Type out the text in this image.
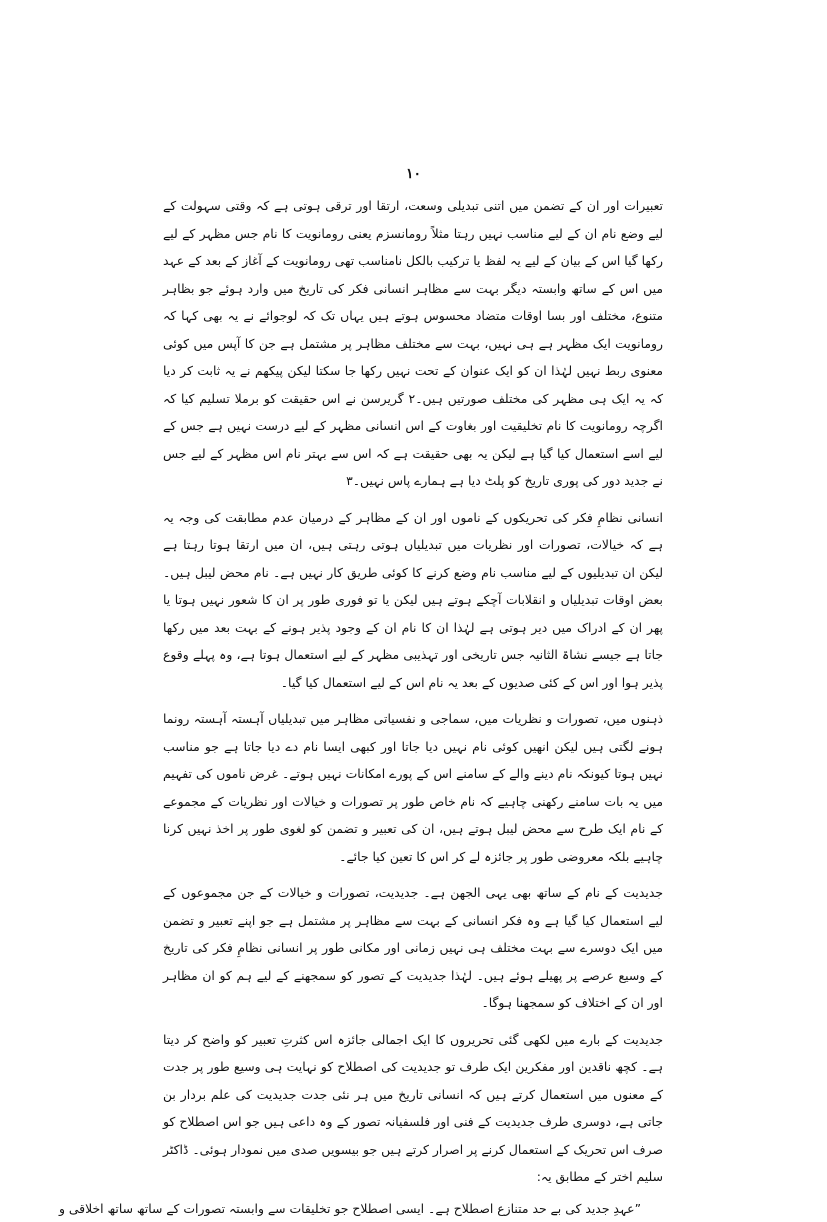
۱۰

تعبیرات اور ان کے تضمن میں اتنی تبدیلی وسعت، ارتقا اور ترقی ہوتی ہے کہ وقتی سہولت کے لیے وضع نام ان کے لیے مناسب نہیں رہتا مثلاً رومانسزم یعنی رومانویت کا نام جس مظہر کے لیے رکھا گیا اس کے بیان کے لیے یہ لفظ یا ترکیب بالکل نامناسب تھی رومانویت کے آغاز کے بعد کے عہد میں اس کے ساتھ وابستہ دیگر بہت سے مظاہر انسانی فکر کی تاریخ میں وارد ہوئے جو بظاہر متنوع، مختلف اور بسا اوقات متضاد محسوس ہوتے ہیں یہاں تک کہ لوجوائے نے یہ بھی کہا کہ رومانویت ایک مظہر ہے ہی نہیں، بہت سے مختلف مظاہر پر مشتمل ہے جن کا آپس میں کوئی معنوی ربط نہیں لہٰذا ان کو ایک عنوان کے تحت نہیں رکھا جا سکتا لیکن پیکھم نے یہ ثابت کر دیا کہ یہ ایک ہی مظہر کی مختلف صورتیں ہیں۔۲ گریرسن نے اس حقیقت کو برملا تسلیم کیا کہ اگرچہ رومانویت کا نام تخلیقیت اور بغاوت کے اس انسانی مظہر کے لیے درست نہیں ہے جس کے لیے اسے استعمال کیا گیا ہے لیکن یہ بھی حقیقت ہے کہ اس سے بہتر نام اس مظہر کے لیے جس نے جدید دور کی پوری تاریخ کو پلٹ دیا ہے ہمارے پاس نہیں۔۳

انسانی نظامِ فکر کی تحریکوں کے ناموں اور ان کے مظاہر کے درمیان عدم مطابقت کی وجہ یہ ہے کہ خیالات، تصورات اور نظریات میں تبدیلیاں ہوتی رہتی ہیں، ان میں ارتقا ہوتا رہتا ہے لیکن ان تبدیلیوں کے لیے مناسب نام وضع کرنے کا کوئی طریق کار نہیں ہے۔ نام محض لیبل ہیں۔ بعض اوقات تبدیلیاں و انقلابات آچکے ہوتے ہیں لیکن یا تو فوری طور پر ان کا شعور نہیں ہوتا یا پھر ان کے ادراک میں دیر ہوتی ہے لہٰذا ان کا نام ان کے وجود پذیر ہونے کے بہت بعد میں رکھا جاتا ہے جیسے نشاۃ الثانیہ جس تاریخی اور تہذیبی مظہر کے لیے استعمال ہوتا ہے، وہ پہلے وقوع پذیر ہوا اور اس کے کئی صدیوں کے بعد یہ نام اس کے لیے استعمال کیا گیا۔

ذہنوں میں، تصورات و نظریات میں، سماجی و نفسیاتی مظاہر میں تبدیلیاں آہستہ آہستہ رونما ہونے لگتی ہیں لیکن انھیں کوئی نام نہیں دیا جاتا اور کبھی ایسا نام دے دیا جاتا ہے جو مناسب نہیں ہوتا کیونکہ نام دینے والے کے سامنے اس کے پورے امکانات نہیں ہوتے۔ غرض ناموں کی تفہیم میں یہ بات سامنے رکھنی چاہیے کہ نام خاص طور پر تصورات و خیالات اور نظریات کے مجموعے کے نام ایک طرح سے محض لیبل ہوتے ہیں، ان کی تعبیر و تضمن کو لغوی طور پر اخذ نہیں کرنا چاہیے بلکہ معروضی طور پر جائزہ لے کر اس کا تعین کیا جائے۔

جدیدیت کے نام کے ساتھ بھی یہی الجھن ہے۔ جدیدیت، تصورات و خیالات کے جن مجموعوں کے لیے استعمال کیا گیا ہے وہ فکر انسانی کے بہت سے مظاہر پر مشتمل ہے جو اپنے تعبیر و تضمن میں ایک دوسرے سے بہت مختلف ہی نہیں زمانی اور مکانی طور پر انسانی نظامِ فکر کی تاریخ کے وسیع عرصے پر پھیلے ہوئے ہیں۔ لہٰذا جدیدیت کے تصور کو سمجھنے کے لیے ہم کو ان مظاہر اور ان کے اختلاف کو سمجھنا ہوگا۔

جدیدیت کے بارے میں لکھی گئی تحریروں کا ایک اجمالی جائزہ اس کثرتِ تعبیر کو واضح کر دیتا ہے۔ کچھ ناقدین اور مفکرین ایک طرف تو جدیدیت کی اصطلاح کو نہایت ہی وسیع طور پر جدت کے معنوں میں استعمال کرتے ہیں کہ انسانی تاریخ میں ہر نئی جدت جدیدیت کی علم بردار بن جاتی ہے، دوسری طرف جدیدیت کے فنی اور فلسفیانہ تصور کے وہ داعی ہیں جو اس اصطلاح کو صرف اس تحریک کے استعمال کرنے پر اصرار کرتے ہیں جو بیسویں صدی میں نمودار ہوئی۔ ڈاکٹر سلیم اختر کے مطابق یہ:

”عہدِ جدید کی بے حد متنازع اصطلاح ہے۔ ایسی اصطلاح جو تخلیقات سے وابستہ تصورات کے ساتھ ساتھ اخلاقی و
